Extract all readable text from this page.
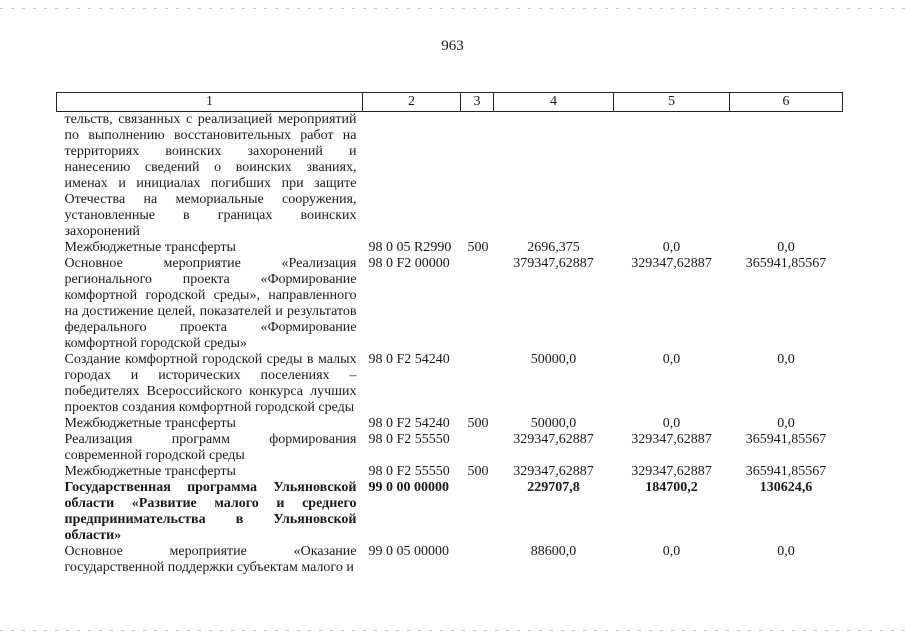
963
1	2	3	4	5	6
тельств, связанных с реализацией мероприятий по выполнению восстановительных работ на территориях воинских захоронений и нанесению сведений о воинских званиях, именах и инициалах погибших при защите Отечества на мемориальные сооружения, установленные в границах воинских захоронений					
Межбюджетные трансферты	98 0 05 R2990	500	2696,375	0,0	0,0
Основное мероприятие «Реализация регионального проекта «Формирование комфортной городской среды», направленного на достижение целей, показателей и результатов федерального проекта «Формирование комфортной городской среды»	98 0 F2 00000		379347,62887	329347,62887	365941,85567
Создание комфортной городской среды в малых городах и исторических поселениях – победителях Всероссийского конкурса лучших проектов создания комфортной городской среды	98 0 F2 54240		50000,0	0,0	0,0
Межбюджетные трансферты	98 0 F2 54240	500	50000,0	0,0	0,0
Реализация программ формирования современной городской среды	98 0 F2 55550		329347,62887	329347,62887	365941,85567
Межбюджетные трансферты	98 0 F2 55550	500	329347,62887	329347,62887	365941,85567
Государственная программа Ульяновской области «Развитие малого и среднего предпринимательства в Ульяновской области»	99 0 00 00000		229707,8	184700,2	130624,6
Основное мероприятие «Оказание государственной поддержки субъектам малого и	99 0 05 00000		88600,0	0,0	0,0
